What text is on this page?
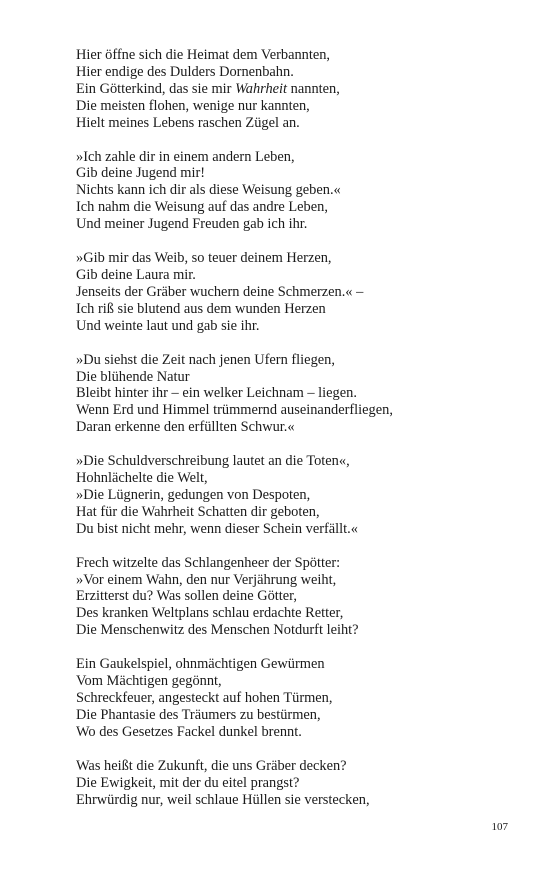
Hier öffne sich die Heimat dem Verbannten,
Hier endige des Dulders Dornenbahn.
Ein Götterkind, das sie mir Wahrheit nannten,
Die meisten flohen, wenige nur kannten,
Hielt meines Lebens raschen Zügel an.
»Ich zahle dir in einem andern Leben,
Gib deine Jugend mir!
Nichts kann ich dir als diese Weisung geben.«
Ich nahm die Weisung auf das andre Leben,
Und meiner Jugend Freuden gab ich ihr.
»Gib mir das Weib, so teuer deinem Herzen,
Gib deine Laura mir.
Jenseits der Gräber wuchern deine Schmerzen.« –
Ich riß sie blutend aus dem wunden Herzen
Und weinte laut und gab sie ihr.
»Du siehst die Zeit nach jenen Ufern fliegen,
Die blühende Natur
Bleibt hinter ihr – ein welker Leichnam – liegen.
Wenn Erd und Himmel trümmernd auseinanderfliegen,
Daran erkenne den erfüllten Schwur.«
»Die Schuldverschreibung lautet an die Toten«,
Hohnlächelte die Welt,
»Die Lügnerin, gedungen von Despoten,
Hat für die Wahrheit Schatten dir geboten,
Du bist nicht mehr, wenn dieser Schein verfällt.«
Frech witzelte das Schlangenheer der Spötter:
»Vor einem Wahn, den nur Verjährung weiht,
Erzitterst du? Was sollen deine Götter,
Des kranken Weltplans schlau erdachte Retter,
Die Menschenwitz des Menschen Notdurft leiht?
Ein Gaukelspiel, ohnmächtigen Gewürmen
Vom Mächtigen gegönnt,
Schreckfeuer, angesteckt auf hohen Türmen,
Die Phantasie des Träumers zu bestürmen,
Wo des Gesetzes Fackel dunkel brennt.
Was heißt die Zukunft, die uns Gräber decken?
Die Ewigkeit, mit der du eitel prangst?
Ehrwürdig nur, weil schlaue Hüllen sie verstecken,
107
